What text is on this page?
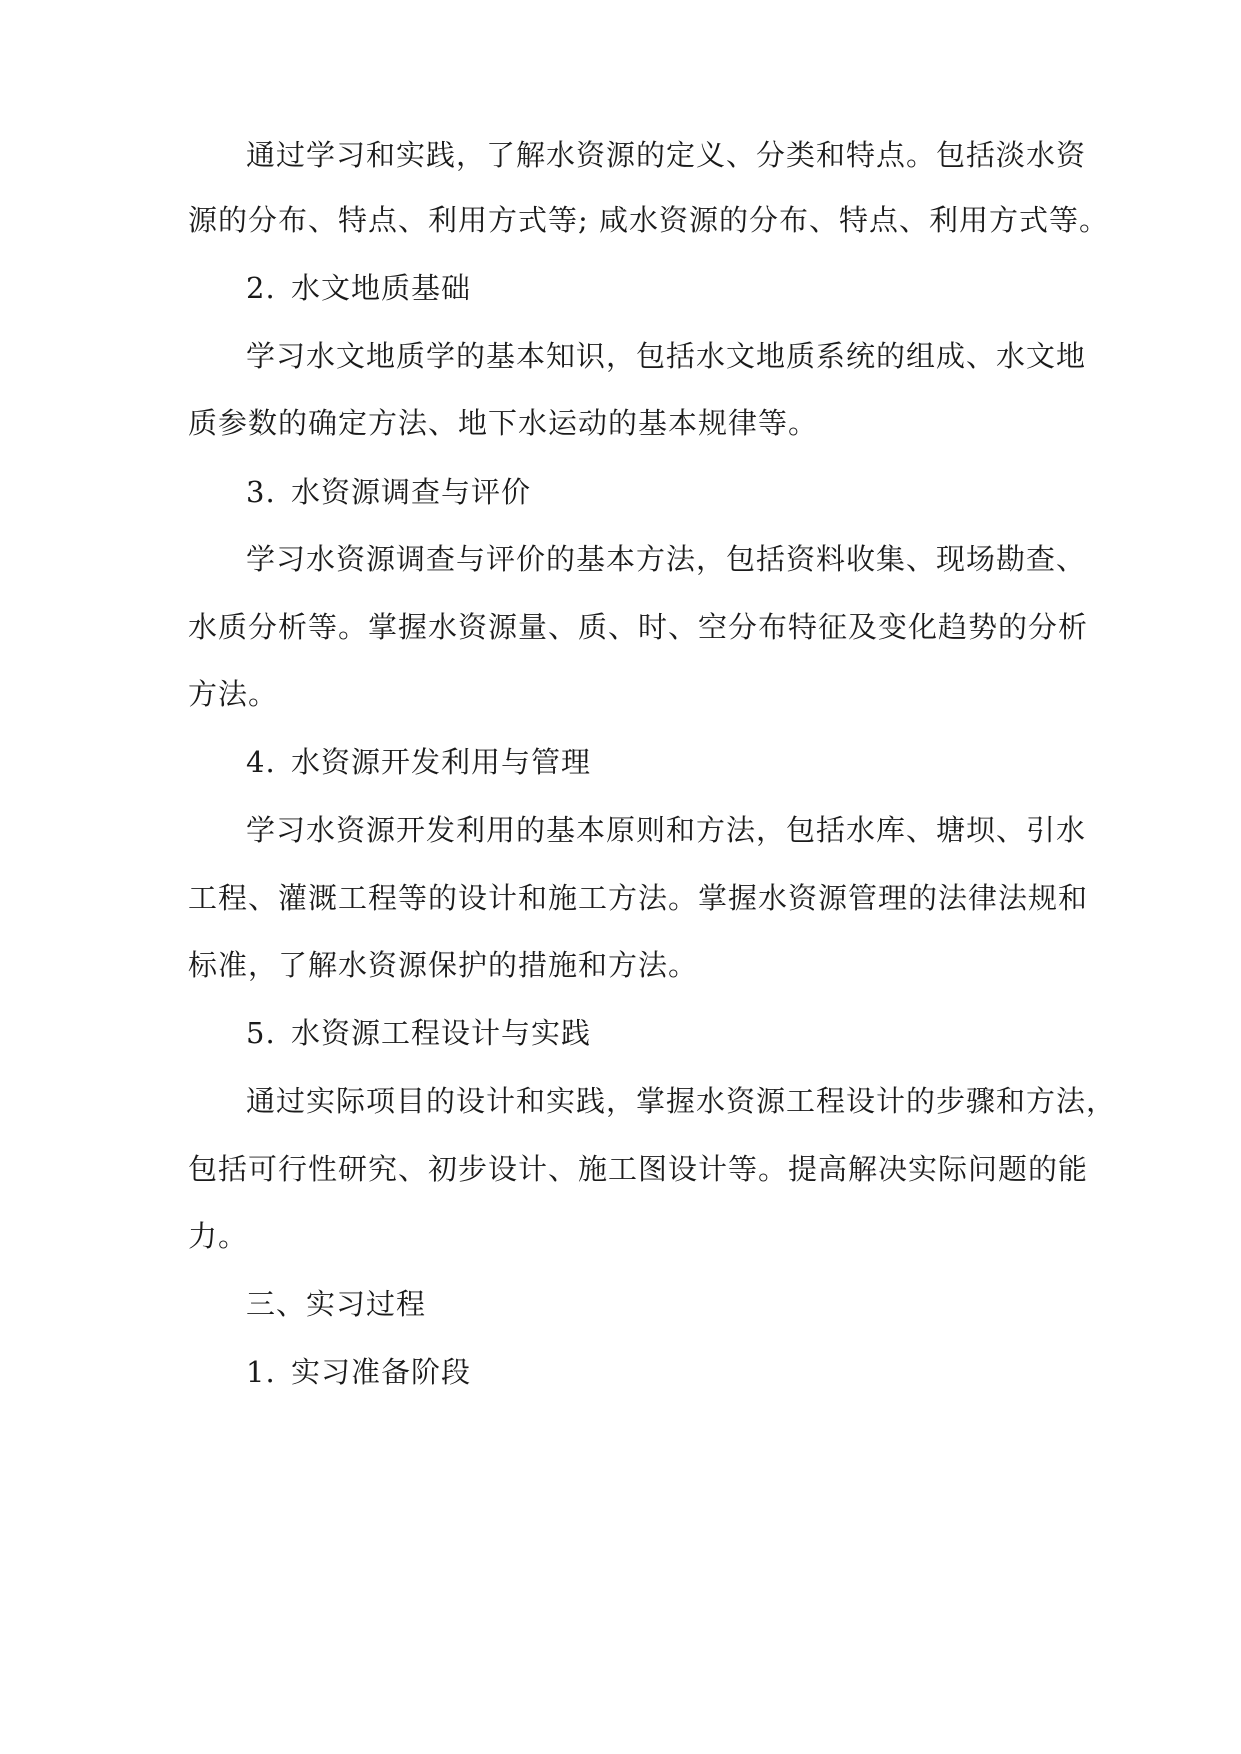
通过学习和实践，了解水资源的定义、分类和特点。包括淡水资
源的分布、特点、利用方式等; 咸水资源的分布、特点、利用方式等。
2. 水文地质基础
学习水文地质学的基本知识，包括水文地质系统的组成、水文地
质参数的确定方法、地下水运动的基本规律等。
3. 水资源调查与评价
学习水资源调查与评价的基本方法，包括资料收集、现场勘查、
水质分析等。掌握水资源量、质、时、空分布特征及变化趋势的分析
方法。
4. 水资源开发利用与管理
学习水资源开发利用的基本原则和方法，包括水库、塘坝、引水
工程、灌溉工程等的设计和施工方法。掌握水资源管理的法律法规和
标准，了解水资源保护的措施和方法。
5. 水资源工程设计与实践
通过实际项目的设计和实践，掌握水资源工程设计的步骤和方法，
包括可行性研究、初步设计、施工图设计等。提高解决实际问题的能
力。
三、实习过程
1. 实习准备阶段
